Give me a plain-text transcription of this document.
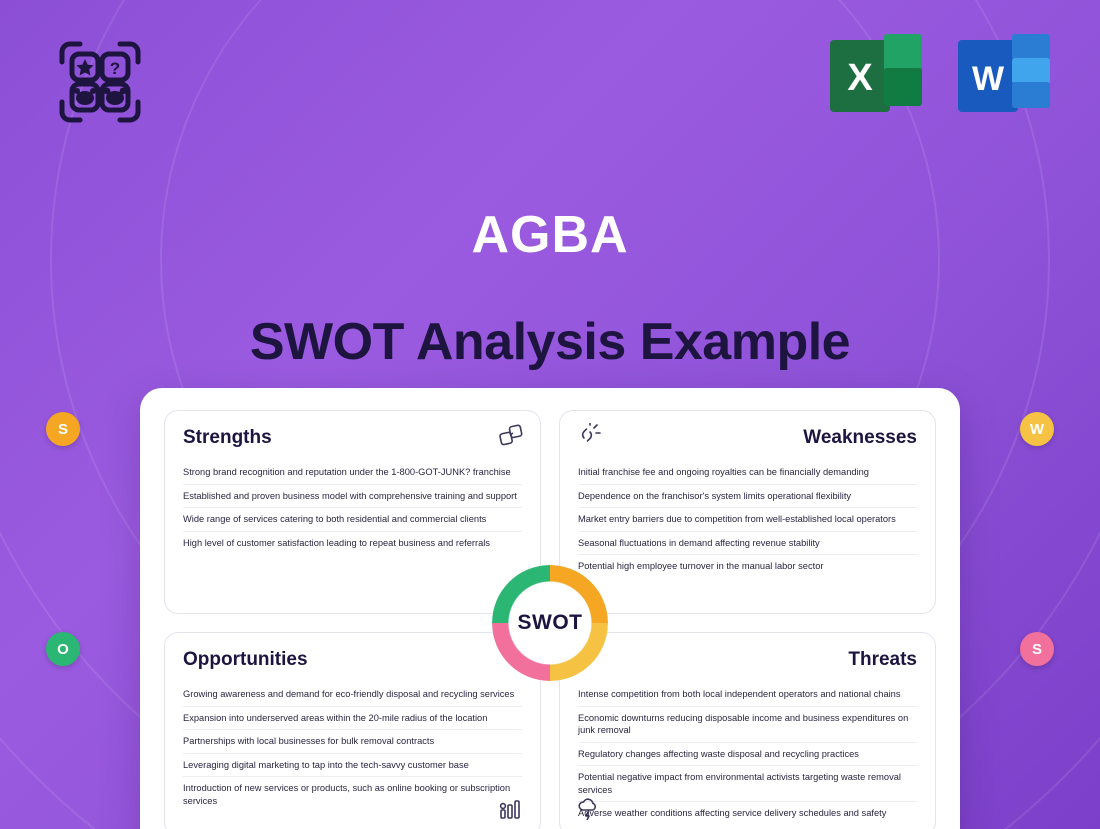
?	X	W
AGBA
SWOT Analysis Example
S	W
O	S
Strengths
Strong brand recognition and reputation under the 1-800-GOT-JUNK? franchise
Established and proven business model with comprehensive training and support
Wide range of services catering to both residential and commercial clients
High level of customer satisfaction leading to repeat business and referrals
Weaknesses
Initial franchise fee and ongoing royalties can be financially demanding
Dependence on the franchisor's system limits operational flexibility
Market entry barriers due to competition from well-established local operators
Seasonal fluctuations in demand affecting revenue stability
Potential high employee turnover in the manual labor sector
Opportunities
Growing awareness and demand for eco-friendly disposal and recycling services
Expansion into underserved areas within the 20-mile radius of the location
Partnerships with local businesses for bulk removal contracts
Leveraging digital marketing to tap into the tech-savvy customer base
Introduction of new services or products, such as online booking or subscription services
Threats
Intense competition from both local independent operators and national chains
Economic downturns reducing disposable income and business expenditures on junk removal
Regulatory changes affecting waste disposal and recycling practices
Potential negative impact from environmental activists targeting waste removal services
Adverse weather conditions affecting service delivery schedules and safety
SWOT
